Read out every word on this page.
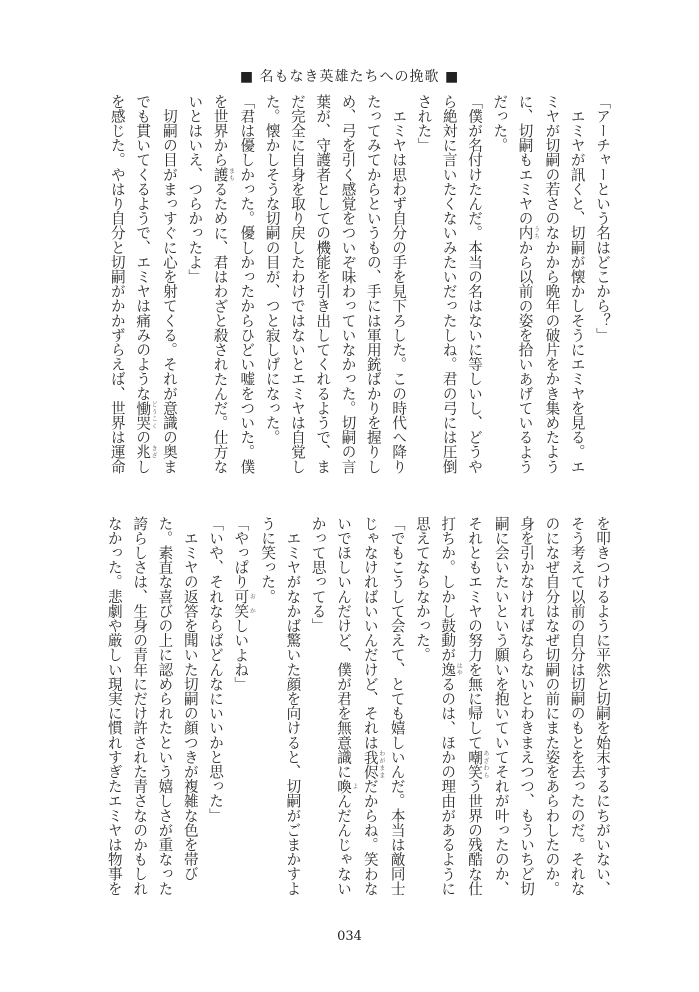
■ 名もなき英雄たちへの挽歌 ■
「アーチャーという名はどこから？」
　エミヤが訊くと、切嗣が懐かしそうにエミヤを見る。エ
ミヤが切嗣の若さのなかから晩年の破片をかき集めたよう
に、切嗣もエミヤの内 うちから以前の姿を拾いあげているよう
だった。
「僕が名付けたんだ。本当の名はないに等しいし、どうや
ら絶対に言いたくないみたいだったしね。君の弓には圧倒
された」
　エミヤは思わず自分の手を見下ろした。この時代へ降り
たってみてからというもの、手には軍用銃ばかりを握りし
め、弓を引く感覚をついぞ味わっていなかった。切嗣の言
葉が、守護者としての機能を引き出してくれるようで、ま
だ完全に自身を取り戻したわけではないとエミヤは自覚し
た。懐かしそうな切嗣の目が、つと寂しげになった。
「君は優しかった。優しかったからひどい嘘をついた。僕
を世界から護 まもるために、君はわざと殺されたんだ。仕方な
いとはいえ、つらかったよ」
　切嗣の目がまっすぐに心を射てくる。それが意識の奥ま
でも貫いてくるようで、エミヤは痛みのような慟哭 どうこくの兆 きざし
を感じた。やはり自分と切嗣がかかずらえば、世界は運命
を叩きつけるように平然と切嗣を始末するにちがいない、
そう考えて以前の自分は切嗣のもとを去ったのだ。それな
のになぜ自分はなぜ切嗣の前にまた姿をあらわしたのか。
身を引かなければならないとわきまえつつ、もういちど切
嗣に会いたいという願いを抱いていてそれが叶ったのか、
それともエミヤの努力を無に帰して嘲笑 あざわらう世界の残酷な仕
打ちか。しかし鼓動が逸 はやるのは、ほかの理由があるように
思えてならなかった。
「でもこうして会えて、とても嬉しいんだ。本当は敵同士
じゃなければいいんだけど、それは我侭 わがままだからね。笑わな
いでほしいんだけど、僕が君を無意識に喚 よんだんじゃない
かって思ってる」
　エミヤがなかば驚いた顔を向けると、切嗣がごまかすよ
うに笑った。
「やっぱり可笑 おかしいよね」
「いや、それならばどんなにいいかと思った」
　エミヤの返答を聞いた切嗣の顔つきが複雑な色を帯び
た。素直な喜びの上に認められたという嬉しさが重なった
誇らしさは、生身の青年にだけ許された青さなのかもしれ
なかった。悲劇や厳しい現実に慣れすぎたエミヤは物事を
034
